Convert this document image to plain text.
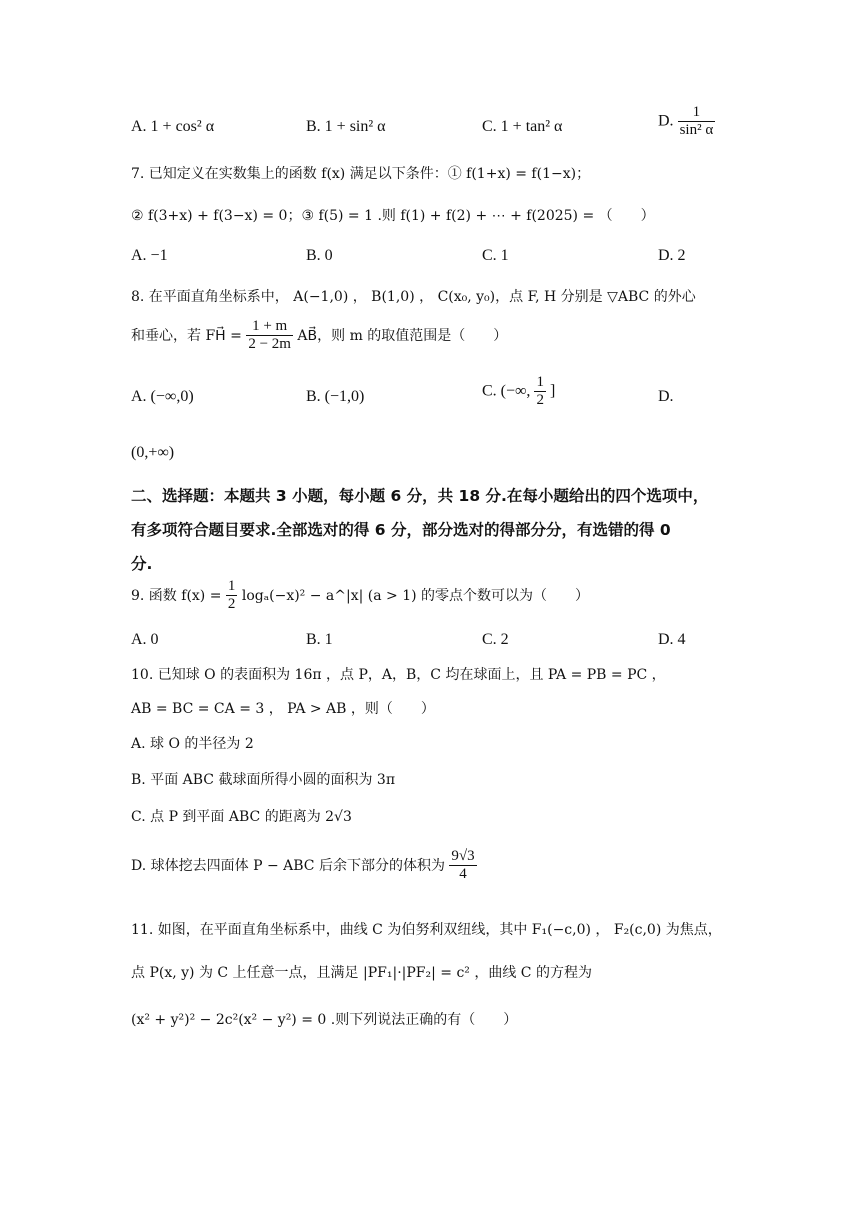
A. 1 + cos² α	B. 1 + sin² α	C. 1 + tan² α	D. $\frac{1}{\text{sin² α}}$
7. 已知定义在实数集上的函数 f(x) 满足以下条件：① f(1+x) = f(1−x)；
② f(3+x) + f(3−x) = 0；③ f(5) = 1 .则 f(1) + f(2) + ⋯ + f(2025) = （　　）
A. −1	B. 0	C. 1	D. 2
8. 在平面直角坐标系中， A(−1,0) ， B(1,0) ， C(x₀, y₀)，点 F, H 分别是 ▽ABC 的外心
和垂心，若 FH⃗ = $\frac{1 + m}{2 - 2m}$ AB⃗，则 m 的取值范围是（　　）
A. (−∞,0)	B. (−1,0)	C. (−∞, $\frac{1}{2}$ ]	D.
(0,+∞)
二、选择题：本题共 3 小题，每小题 6 分，共 18 分.在每小题给出的四个选项中，
有多项符合题目要求.全部选对的得 6 分，部分选对的得部分分，有选错的得 0
分.
9. 函数 $f(x) = \frac{1}{2} \log_a(-x)^2$ − a^|x| (a > 1) 的零点个数可以为（　　）
A. 0	B. 1	C. 2	D. 4
10. 已知球 O 的表面积为 16π ，点 P，A，B，C 均在球面上，且 PA = PB = PC ，
AB = BC = CA = 3 ， PA > AB ，则（　　）
A. 球 O 的半径为 2
B. 平面 ABC 截球面所得小圆的面积为 3π
C. 点 P 到平面 ABC 的距离为 2√3
D. 球体挖去四面体 P − ABC 后余下部分的体积为 $\frac{9√3}{4}$
11. 如图，在平面直角坐标系中，曲线 C 为伯努利双纽线，其中 F₁(−c,0) ， F₂(c,0) 为焦点，
点 P(x, y) 为 C 上任意一点，且满足 |PF₁|·|PF₂| = c² ，曲线 C 的方程为
(x² + y²)² − 2c²(x² − y²) = 0 .则下列说法正确的有（　　）
